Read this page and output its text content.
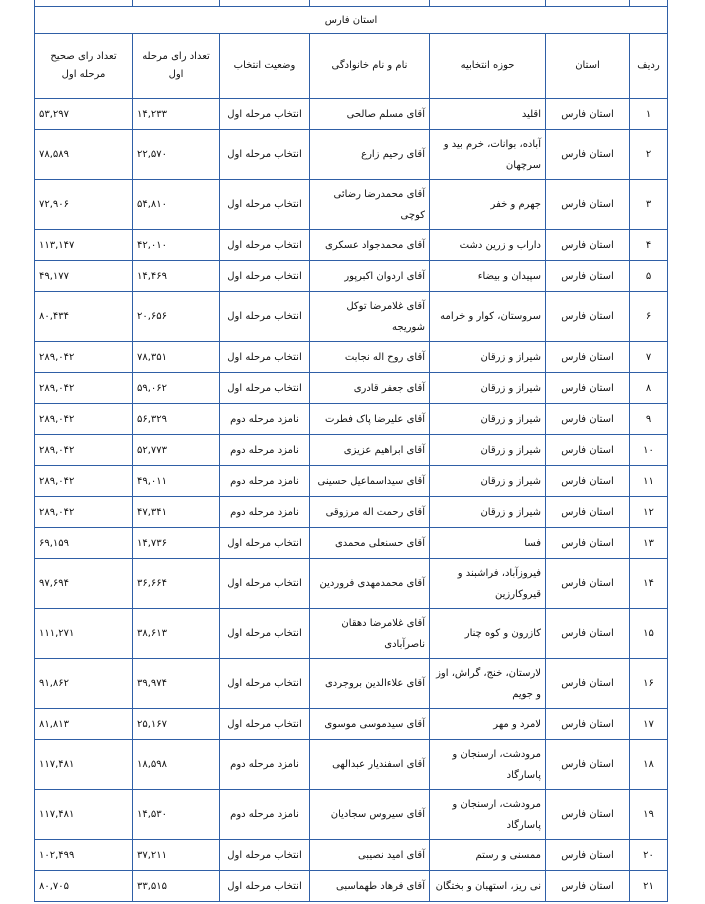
استان فارس						
ردیف	استان	حوزه انتخابیه	نام و نام خانوادگی	وضعیت انتخاب	تعداد رای مرحله اول	تعداد رای صحیح مرحله اول
۱	استان فارس	اقلید	آقای مسلم صالحی	انتخاب مرحله اول	۱۴,۲۳۳	۵۳,۲۹۷
۲	استان فارس	آباده، بوانات، خرم بید و سرچهان	آقای رحیم زارع	انتخاب مرحله اول	۲۲,۵۷۰	۷۸,۵۸۹
۳	استان فارس	جهرم و خفر	آقای محمدرضا رضائی کوچی	انتخاب مرحله اول	۵۴,۸۱۰	۷۲,۹۰۶
۴	استان فارس	داراب و زرین دشت	آقای محمدجواد عسکری	انتخاب مرحله اول	۴۲,۰۱۰	۱۱۳,۱۴۷
۵	استان فارس	سپیدان و بیضاء	آقای اردوان اکبرپور	انتخاب مرحله اول	۱۴,۴۶۹	۴۹,۱۷۷
۶	استان فارس	سروستان، کوار و خرامه	آقای غلامرضا توکل شوریجه	انتخاب مرحله اول	۲۰,۶۵۶	۸۰,۴۳۴
۷	استان فارس	شیراز و زرقان	آقای روح اله نجابت	انتخاب مرحله اول	۷۸,۳۵۱	۲۸۹,۰۴۲
۸	استان فارس	شیراز و زرقان	آقای جعفر قادری	انتخاب مرحله اول	۵۹,۰۶۲	۲۸۹,۰۴۲
۹	استان فارس	شیراز و زرقان	آقای علیرضا پاک فطرت	نامزد مرحله دوم	۵۶,۳۲۹	۲۸۹,۰۴۲
۱۰	استان فارس	شیراز و زرقان	آقای ابراهیم عزیزی	نامزد مرحله دوم	۵۲,۷۷۳	۲۸۹,۰۴۲
۱۱	استان فارس	شیراز و زرقان	آقای سیداسماعیل حسینی	نامزد مرحله دوم	۴۹,۰۱۱	۲۸۹,۰۴۲
۱۲	استان فارس	شیراز و زرقان	آقای رحمت اله مرزوقی	نامزد مرحله دوم	۴۷,۳۴۱	۲۸۹,۰۴۲
۱۳	استان فارس	فسا	آقای حسنعلی محمدی	انتخاب مرحله اول	۱۴,۷۳۶	۶۹,۱۵۹
۱۴	استان فارس	فیروزآباد، فراشبند و قیروکارزین	آقای محمدمهدی فروردین	انتخاب مرحله اول	۳۶,۶۶۴	۹۷,۶۹۴
۱۵	استان فارس	کازرون و کوه چنار	آقای غلامرضا دهقان ناصرآبادی	انتخاب مرحله اول	۳۸,۶۱۳	۱۱۱,۲۷۱
۱۶	استان فارس	لارستان، خنج، گراش، اوز و جویم	آقای علاءالدین بروجردی	انتخاب مرحله اول	۳۹,۹۷۴	۹۱,۸۶۲
۱۷	استان فارس	لامرد و مهر	آقای سیدموسی موسوی	انتخاب مرحله اول	۲۵,۱۶۷	۸۱,۸۱۳
۱۸	استان فارس	مرودشت، ارسنجان و پاسارگاد	آقای اسفندیار عبدالهی	نامزد مرحله دوم	۱۸,۵۹۸	۱۱۷,۴۸۱
۱۹	استان فارس	مرودشت، ارسنجان و پاسارگاد	آقای سیروس سجادیان	نامزد مرحله دوم	۱۴,۵۳۰	۱۱۷,۴۸۱
۲۰	استان فارس	ممسنی و رستم	آقای امید نصیبی	انتخاب مرحله اول	۳۷,۲۱۱	۱۰۲,۴۹۹
۲۱	استان فارس	نی ریز، استهبان و بختگان	آقای فرهاد طهماسبی	انتخاب مرحله اول	۳۳,۵۱۵	۸۰,۷۰۵
